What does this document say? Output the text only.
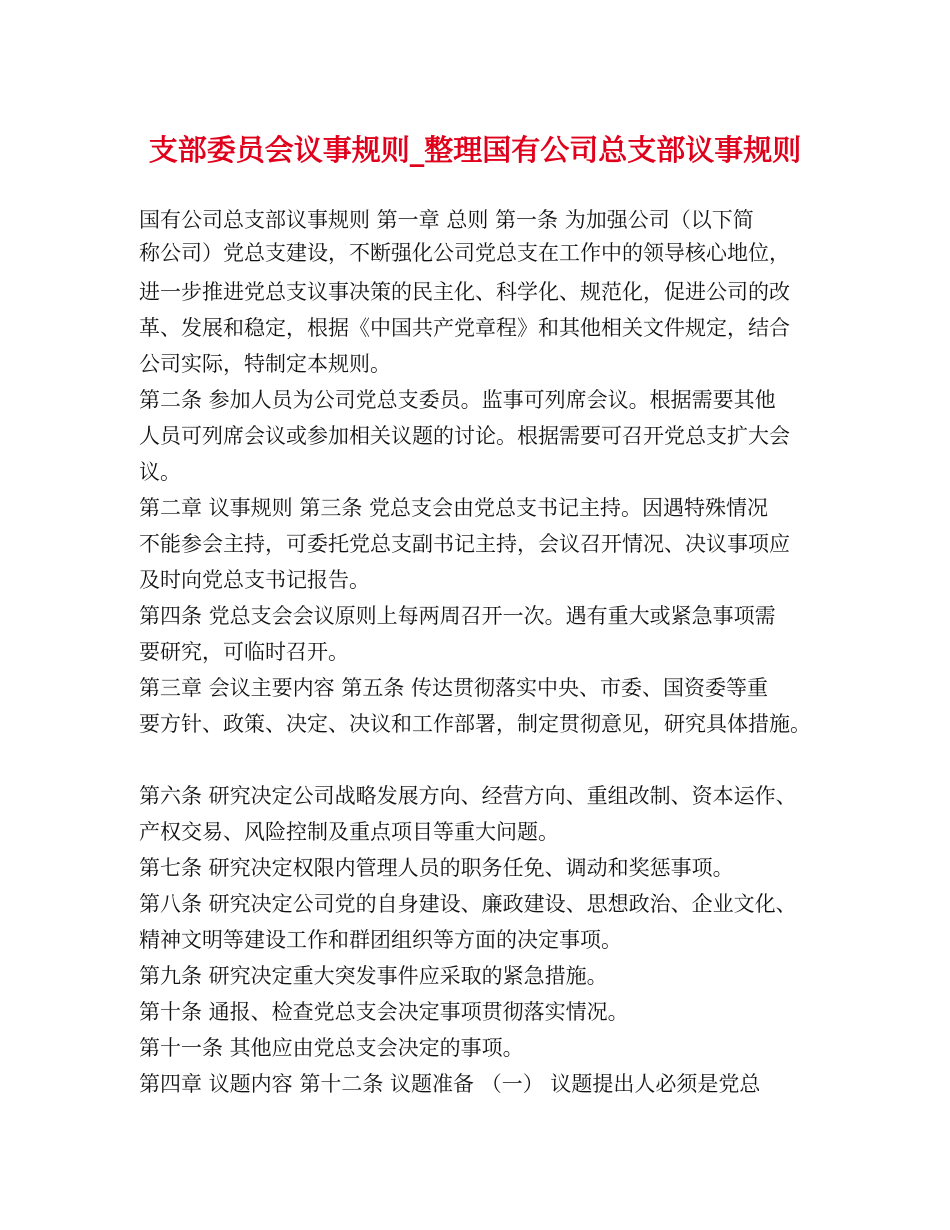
支部委员会议事规则_整理国有公司总支部议事规则
国有公司总支部议事规则 第一章 总则 第一条 为加强公司（以下简
称公司）党总支建设，不断强化公司党总支在工作中的领导核心地位，
进一步推进党总支议事决策的民主化、科学化、规范化，促进公司的改
革、发展和稳定，根据《中国共产党章程》和其他相关文件规定，结合
公司实际，特制定本规则。
第二条 参加人员为公司党总支委员。监事可列席会议。根据需要其他
人员可列席会议或参加相关议题的讨论。根据需要可召开党总支扩大会
议。
第二章 议事规则 第三条 党总支会由党总支书记主持。因遇特殊情况
不能参会主持，可委托党总支副书记主持，会议召开情况、决议事项应
及时向党总支书记报告。
第四条 党总支会会议原则上每两周召开一次。遇有重大或紧急事项需
要研究，可临时召开。
第三章 会议主要内容 第五条 传达贯彻落实中央、市委、国资委等重
要方针、政策、决定、决议和工作部署，制定贯彻意见，研究具体措施。
第六条 研究决定公司战略发展方向、经营方向、重组改制、资本运作、
产权交易、风险控制及重点项目等重大问题。
第七条 研究决定权限内管理人员的职务任免、调动和奖惩事项。
第八条 研究决定公司党的自身建设、廉政建设、思想政治、企业文化、
精神文明等建设工作和群团组织等方面的决定事项。
第九条 研究决定重大突发事件应采取的紧急措施。
第十条 通报、检查党总支会决定事项贯彻落实情况。
第十一条 其他应由党总支会决定的事项。
第四章 议题内容 第十二条 议题准备 （一） 议题提出人必须是党总
